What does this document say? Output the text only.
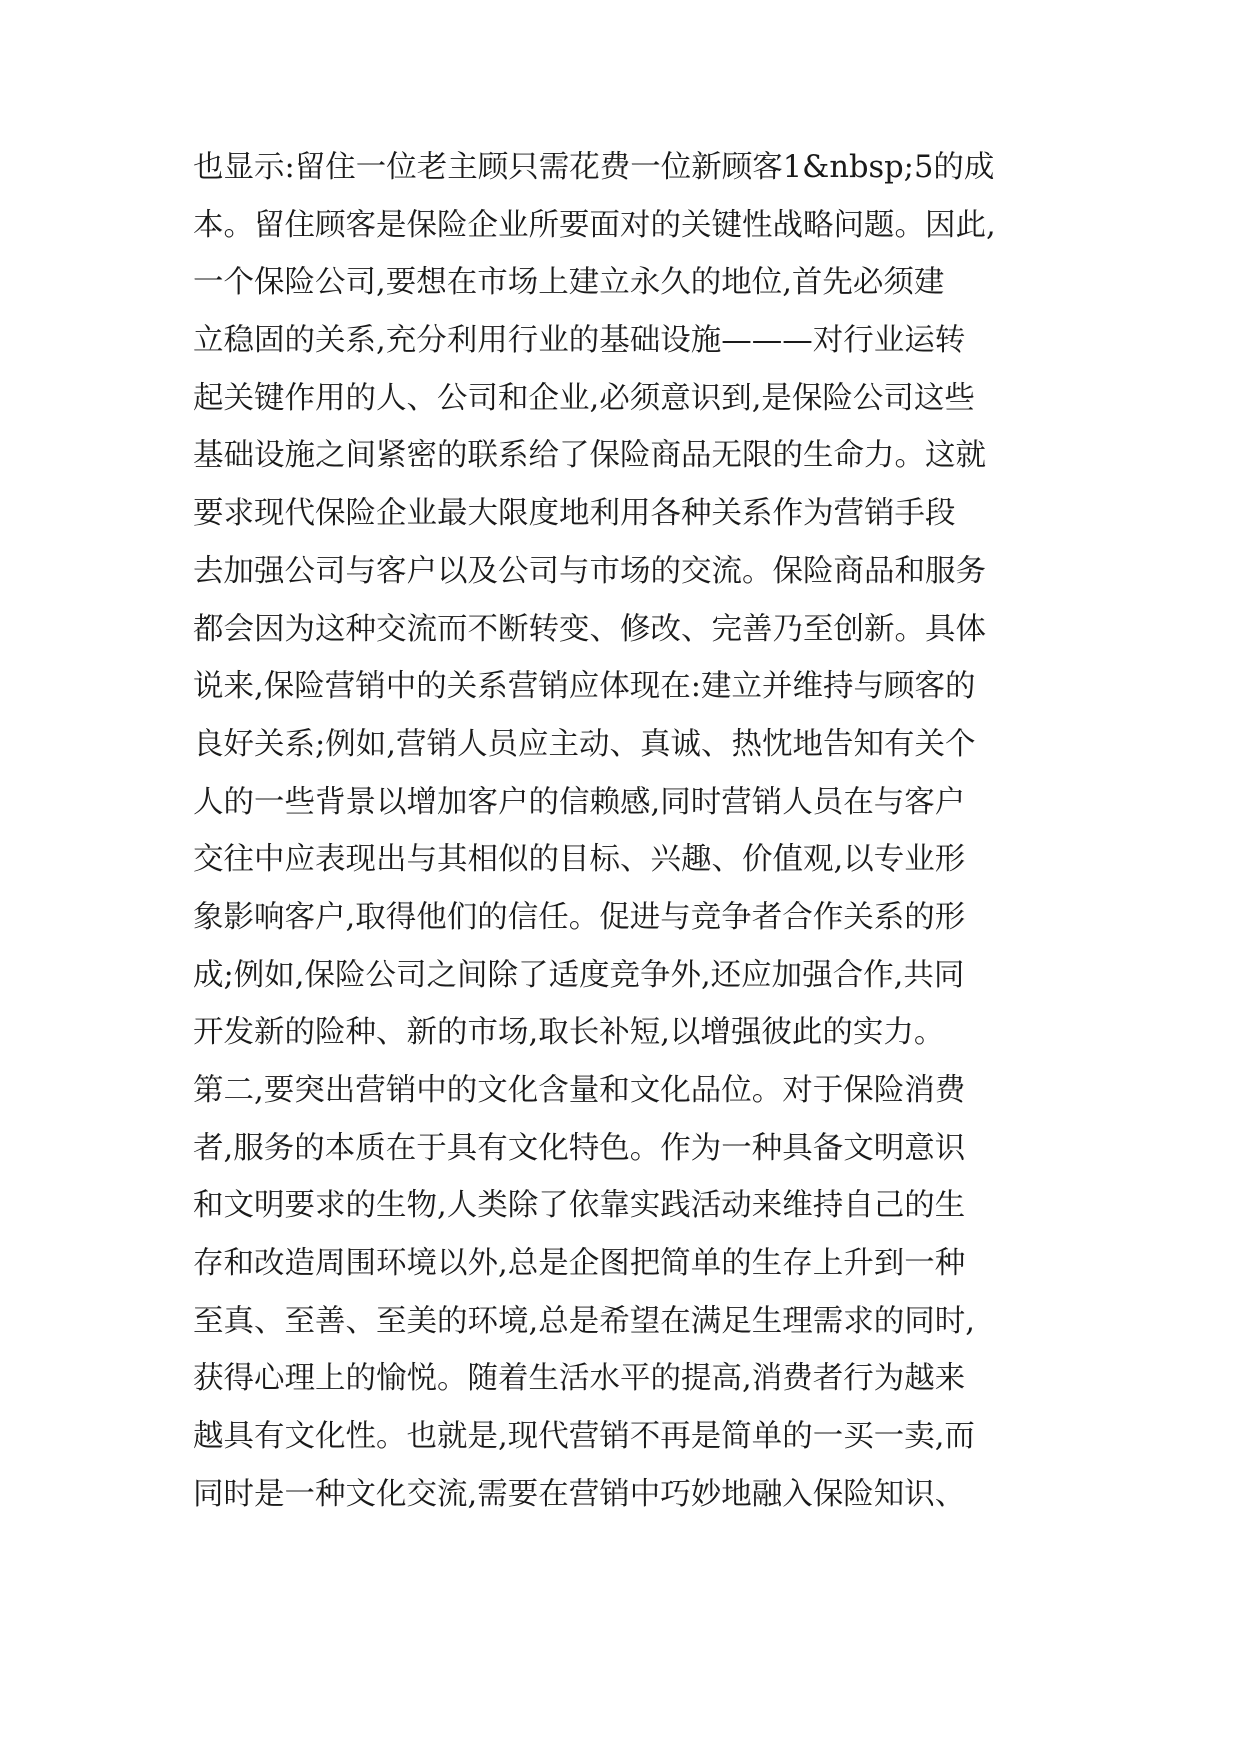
也显示:留住一位老主顾只需花费一位新顾客1&nbsp;5的成
本。留住顾客是保险企业所要面对的关键性战略问题。因此,
一个保险公司,要想在市场上建立永久的地位,首先必须建
立稳固的关系,充分利用行业的基础设施———对行业运转
起关键作用的人、公司和企业,必须意识到,是保险公司这些
基础设施之间紧密的联系给了保险商品无限的生命力。这就
要求现代保险企业最大限度地利用各种关系作为营销手段
去加强公司与客户以及公司与市场的交流。保险商品和服务
都会因为这种交流而不断转变、修改、完善乃至创新。具体
说来,保险营销中的关系营销应体现在:建立并维持与顾客的
良好关系;例如,营销人员应主动、真诚、热忱地告知有关个
人的一些背景以增加客户的信赖感,同时营销人员在与客户
交往中应表现出与其相似的目标、兴趣、价值观,以专业形
象影响客户,取得他们的信任。促进与竞争者合作关系的形
成;例如,保险公司之间除了适度竞争外,还应加强合作,共同
开发新的险种、新的市场,取长补短,以增强彼此的实力。
第二,要突出营销中的文化含量和文化品位。对于保险消费
者,服务的本质在于具有文化特色。作为一种具备文明意识
和文明要求的生物,人类除了依靠实践活动来维持自己的生
存和改造周围环境以外,总是企图把简单的生存上升到一种
至真、至善、至美的环境,总是希望在满足生理需求的同时,
获得心理上的愉悦。随着生活水平的提高,消费者行为越来
越具有文化性。也就是,现代营销不再是简单的一买一卖,而
同时是一种文化交流,需要在营销中巧妙地融入保险知识、
